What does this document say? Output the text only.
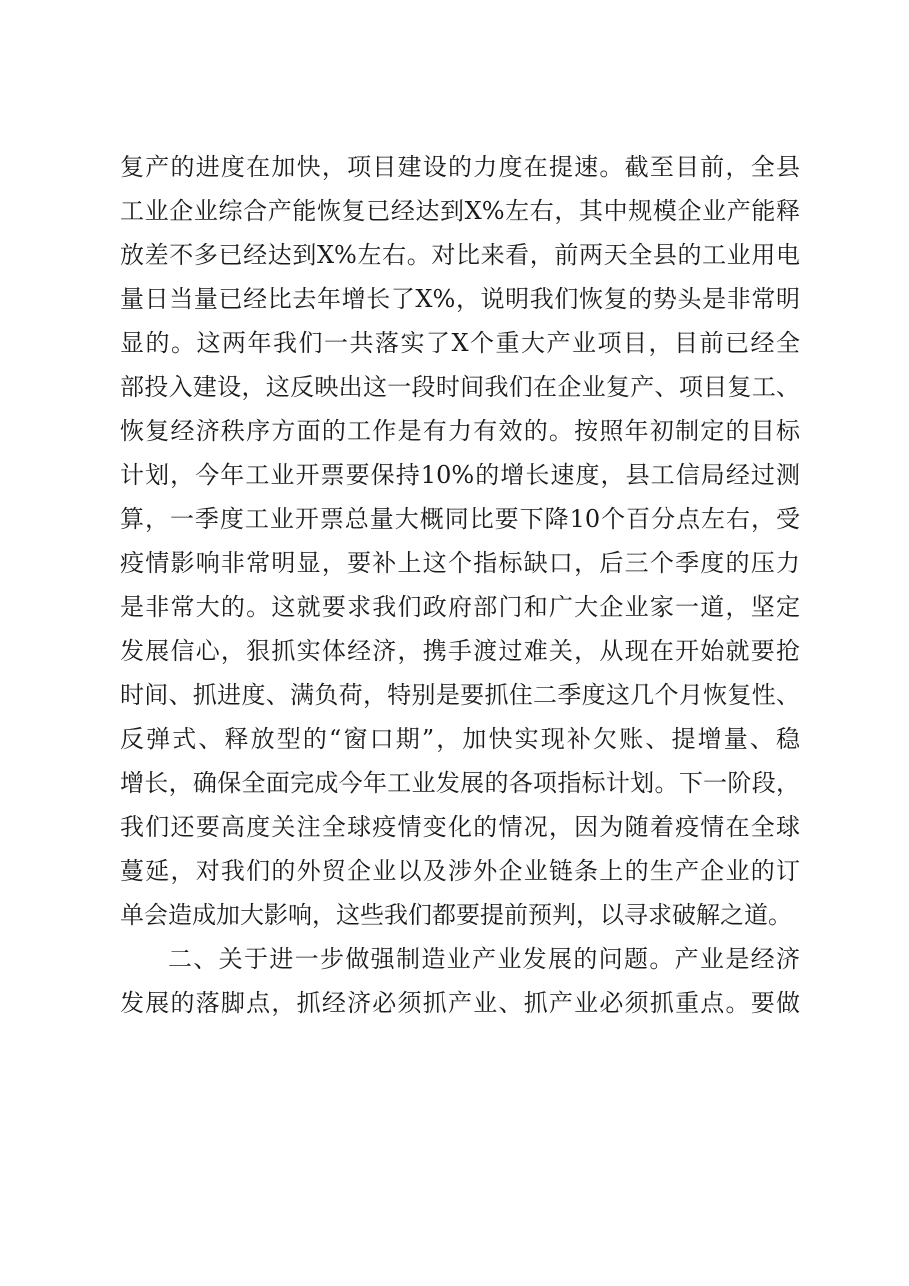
复产的进度在加快，项目建设的力度在提速。截至目前，全县

工业企业综合产能恢复已经达到X%左右，其中规模企业产能释

放差不多已经达到X%左右。对比来看，前两天全县的工业用电

量日当量已经比去年增长了X%，说明我们恢复的势头是非常明

显的。这两年我们一共落实了X个重大产业项目，目前已经全

部投入建设，这反映出这一段时间我们在企业复产、项目复工、

恢复经济秩序方面的工作是有力有效的。按照年初制定的目标

计划，今年工业开票要保持10%的增长速度，县工信局经过测

算，一季度工业开票总量大概同比要下降10个百分点左右，受

疫情影响非常明显，要补上这个指标缺口，后三个季度的压力

是非常大的。这就要求我们政府部门和广大企业家一道，坚定

发展信心，狠抓实体经济，携手渡过难关，从现在开始就要抢

时间、抓进度、满负荷，特别是要抓住二季度这几个月恢复性、

反弹式、释放型的“窗口期”，加快实现补欠账、提增量、稳

增长，确保全面完成今年工业发展的各项指标计划。下一阶段，

我们还要高度关注全球疫情变化的情况，因为随着疫情在全球

蔓延，对我们的外贸企业以及涉外企业链条上的生产企业的订

单会造成加大影响，这些我们都要提前预判，以寻求破解之道。

二、关于进一步做强制造业产业发展的问题。产业是经济

发展的落脚点，抓经济必须抓产业、抓产业必须抓重点。要做
